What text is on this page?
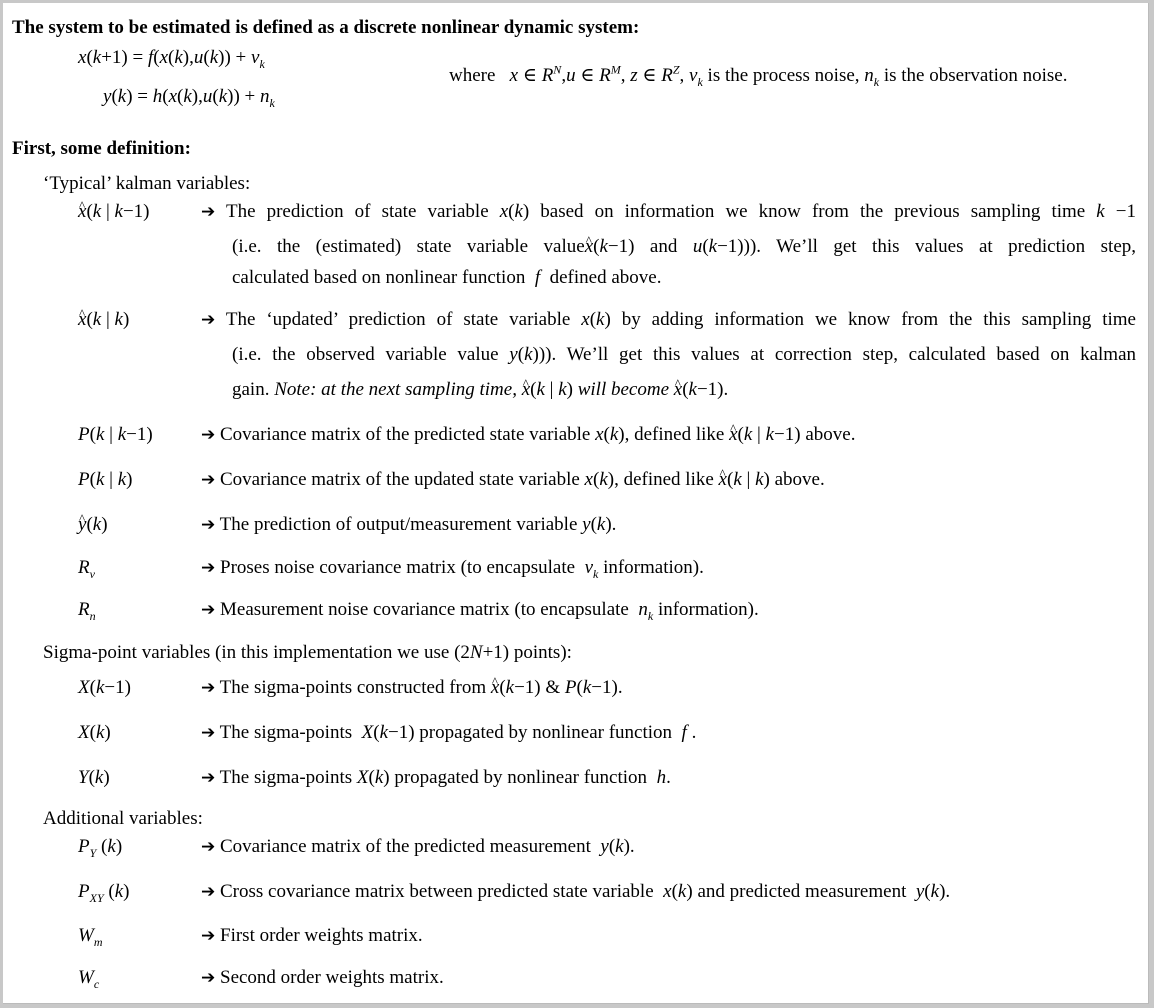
The system to be estimated is defined as a discrete nonlinear dynamic system:
$x(k+1) = f(x(k),u(k)) + v_k$
$y(k) = h(x(k),u(k)) + n_k$
where   x ∈ $R^N,u$ ∈ $R^M$, z ∈ $R^Z$, $v_k$ is the process noise, $n_k$ is the observation noise.
First, some definition:
‘Typical’ kalman variables:
^ x(k | k−1)	➔ The prediction of state variable x(k) based on information we know from the previous sampling time k −1
(i.e. the (estimated) state variable value^ x(k−1) and u(k−1))). We’ll get this values at prediction step,
calculated based on nonlinear function  f  defined above.
^ x(k | k)	➔ The ‘updated’ prediction of state variable x(k) by adding information we know from the this sampling time
(i.e. the observed variable value y(k))). We’ll get this values at correction step, calculated based on kalman
gain. Note: at the next sampling time, ^ x(k | k) will become ^ x(k−1).
P(k | k−1)	➔ Covariance matrix of the predicted state variable x(k), defined like ^ x(k | k−1) above.
P(k | k)	➔ Covariance matrix of the updated state variable x(k), defined like ^ x(k | k) above.
^ y(k)	➔ The prediction of output/measurement variable y(k).
$R_v$	➔ Proses noise covariance matrix (to encapsulate  $v_k$ information).
$R_n$	➔ Measurement noise covariance matrix (to encapsulate  $n_k$ information).
Sigma-point variables (in this implementation we use (2N+1) points):
X(k−1)	➔ The sigma-points constructed from ^ x(k−1) & P(k−1).
X(k)	➔ The sigma-points  X(k−1) propagated by nonlinear function  f .
Y(k)	➔ The sigma-points X(k) propagated by nonlinear function  h.
Additional variables:
$P_Y$ (k)	➔ Covariance matrix of the predicted measurement  y(k).
$P_{XY}$ (k)	➔ Cross covariance matrix between predicted state variable  x(k) and predicted measurement  y(k).
$W_m$	➔ First order weights matrix.
$W_c$	➔ Second order weights matrix.
